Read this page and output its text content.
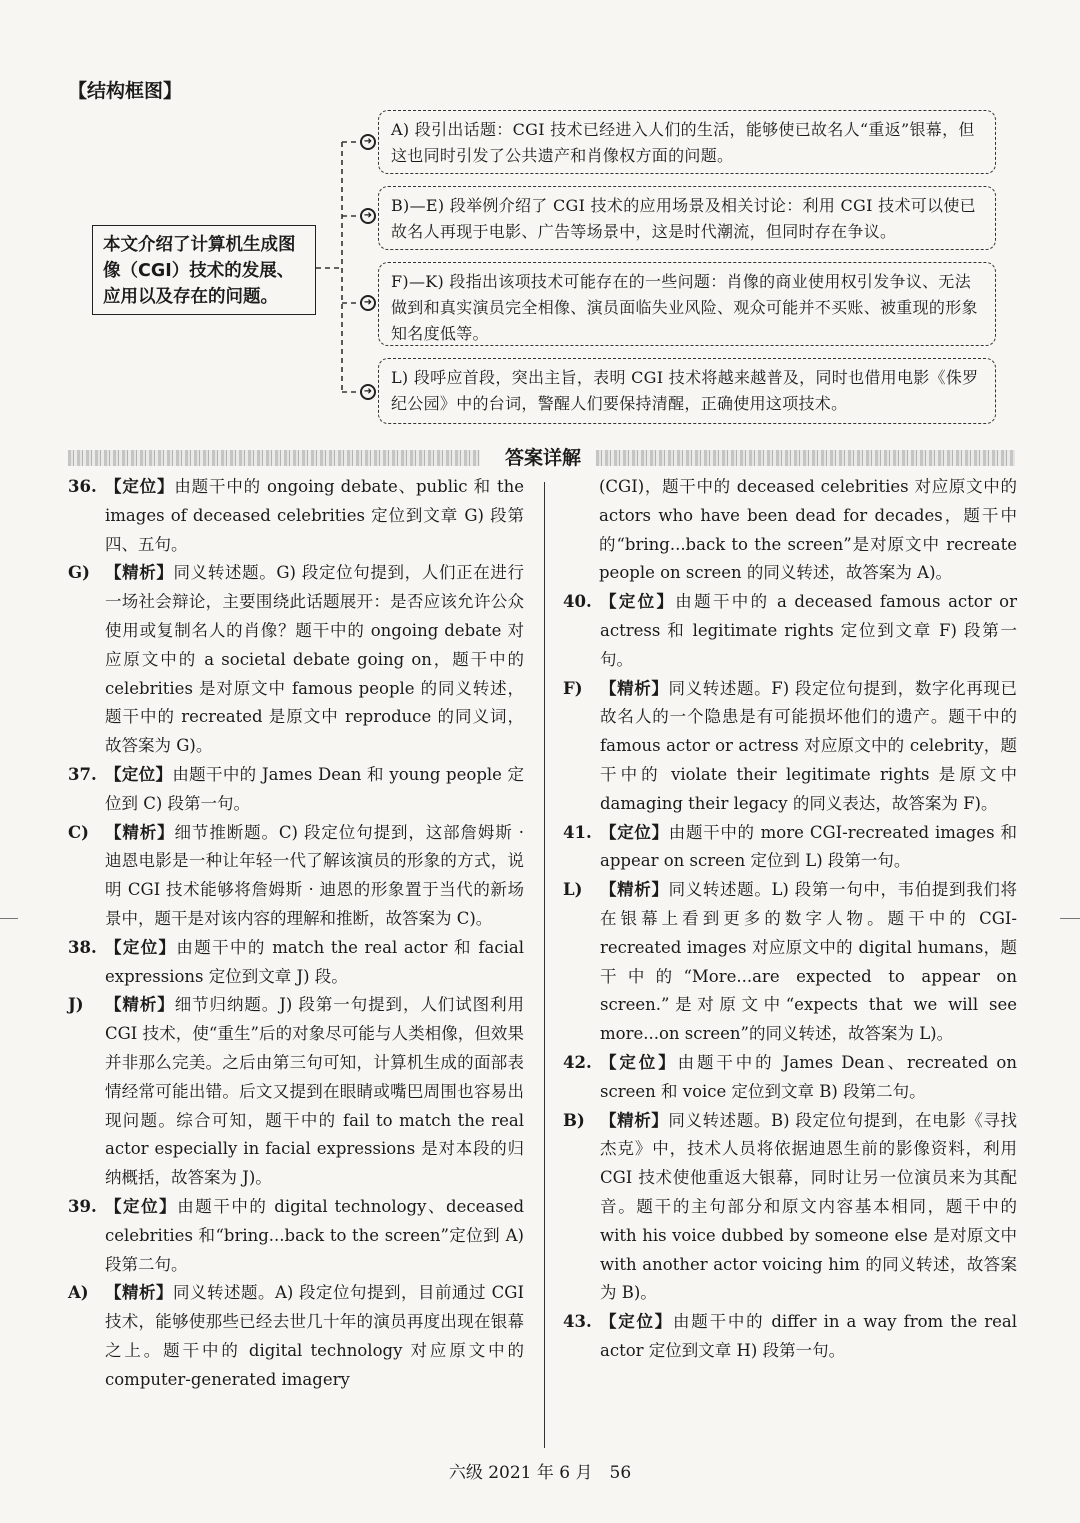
【结构框图】
本文介绍了计算机生成图像（CGI）技术的发展、应用以及存在的问题。
➜
➜
➜
➜
A) 段引出话题：CGI 技术已经进入人们的生活，能够使已故名人“重返”银幕，但这也同时引发了公共遗产和肖像权方面的问题。
B)—E) 段举例介绍了 CGI 技术的应用场景及相关讨论：利用 CGI 技术可以使已故名人再现于电影、广告等场景中，这是时代潮流，但同时存在争议。
F)—K) 段指出该项技术可能存在的一些问题：肖像的商业使用权引发争议、无法做到和真实演员完全相像、演员面临失业风险、观众可能并不买账、被重现的形象知名度低等。
L) 段呼应首段，突出主旨，表明 CGI 技术将越来越普及，同时也借用电影《侏罗纪公园》中的台词，警醒人们要保持清醒，正确使用这项技术。
答案详解

36. 【定位】由题干中的 ongoing debate、public 和 the images of deceased celebrities 定位到文章 G) 段第四、五句。

G) 【精析】同义转述题。G) 段定位句提到，人们正在进行一场社会辩论，主要围绕此话题展开：是否应该允许公众使用或复制名人的肖像？题干中的 ongoing debate 对应原文中的 a societal debate going on，题干中的 celebrities 是对原文中 famous people 的同义转述，题干中的 recreated 是原文中 reproduce 的同义词，故答案为 G)。

37. 【定位】由题干中的 James Dean 和 young people 定位到 C) 段第一句。

C) 【精析】细节推断题。C) 段定位句提到，这部詹姆斯 · 迪恩电影是一种让年轻一代了解该演员的形象的方式，说明 CGI 技术能够将詹姆斯 · 迪恩的形象置于当代的新场景中，题干是对该内容的理解和推断，故答案为 C)。

38. 【定位】由题干中的 match the real actor 和 facial expressions 定位到文章 J) 段。

J) 【精析】细节归纳题。J) 段第一句提到，人们试图利用 CGI 技术，使“重生”后的对象尽可能与人类相像，但效果并非那么完美。之后由第三句可知，计算机生成的面部表情经常可能出错。后文又提到在眼睛或嘴巴周围也容易出现问题。综合可知，题干中的 fail to match the real actor especially in facial expressions 是对本段的归纳概括，故答案为 J)。

39. 【定位】由题干中的 digital technology、deceased celebrities 和“bring...back to the screen”定位到 A) 段第二句。

A) 【精析】同义转述题。A) 段定位句提到，目前通过 CGI 技术，能够使那些已经去世几十年的演员再度出现在银幕之上。题干中的 digital technology 对应原文中的 computer-generated imagery

(CGI)，题干中的 deceased celebrities 对应原文中的 actors who have been dead for decades，题干中的“bring...back to the screen”是对原文中 recreate people on screen 的同义转述，故答案为 A)。

40. 【定位】由题干中的 a deceased famous actor or actress 和 legitimate rights 定位到文章 F) 段第一句。

F) 【精析】同义转述题。F) 段定位句提到，数字化再现已故名人的一个隐患是有可能损坏他们的遗产。题干中的 famous actor or actress 对应原文中的 celebrity，题干中的 violate their legitimate rights 是原文中 damaging their legacy 的同义表达，故答案为 F)。

41. 【定位】由题干中的 more CGI-recreated images 和 appear on screen 定位到 L) 段第一句。

L) 【精析】同义转述题。L) 段第一句中，韦伯提到我们将在银幕上看到更多的数字人物。题干中的 CGI-recreated images 对应原文中的 digital humans，题干中的“More...are expected to appear on screen.”是对原文中“expects that we will see more...on screen”的同义转述，故答案为 L)。

42. 【定位】由题干中的 James Dean、recreated on screen 和 voice 定位到文章 B) 段第二句。

B) 【精析】同义转述题。B) 段定位句提到，在电影《寻找杰克》中，技术人员将依据迪恩生前的影像资料，利用 CGI 技术使他重返大银幕，同时让另一位演员来为其配音。题干的主句部分和原文内容基本相同，题干中的 with his voice dubbed by someone else 是对原文中 with another actor voicing him 的同义转述，故答案为 B)。

43. 【定位】由题干中的 differ in a way from the real actor 定位到文章 H) 段第一句。

六级 2021 年 6 月　56
